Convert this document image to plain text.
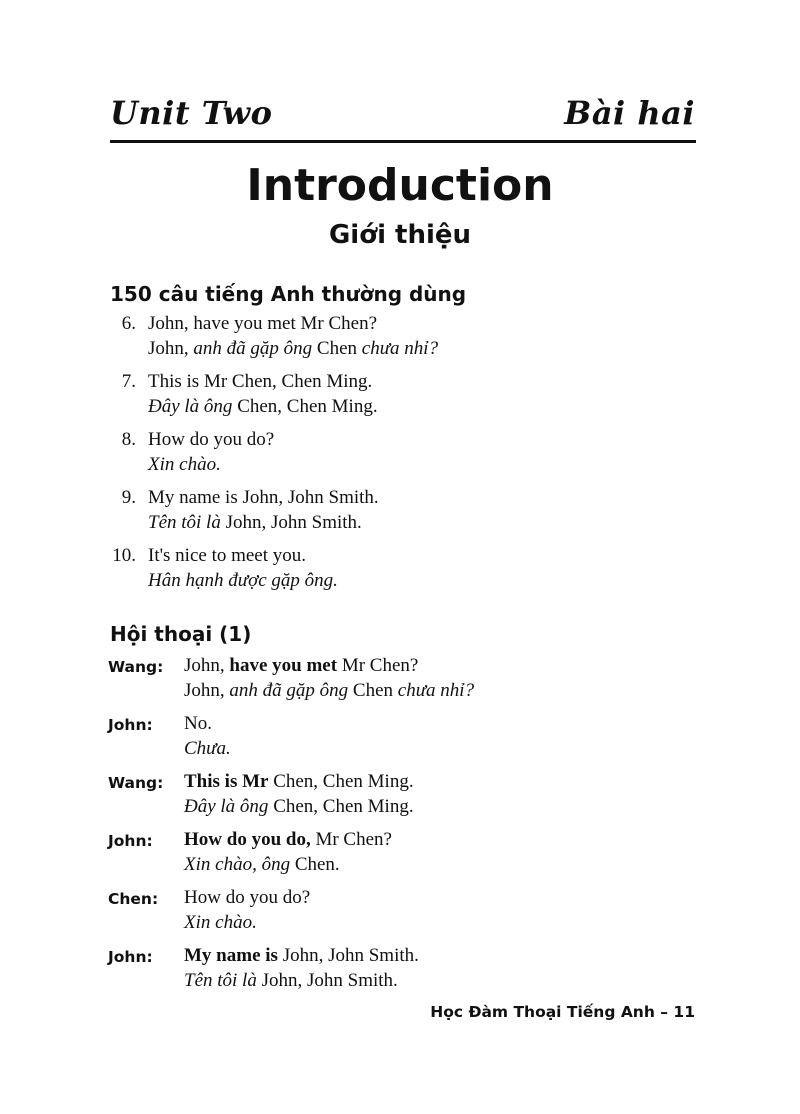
Unit Two	Bài hai
Introduction
Giới thiệu
150 câu tiếng Anh thường dùng
6. John, have you met Mr Chen?
John, anh đã gặp ông Chen chưa nhỉ?
7. This is Mr Chen, Chen Ming.
Đây là ông Chen, Chen Ming.
8. How do you do?
Xin chào.
9. My name is John, John Smith.
Tên tôi là John, John Smith.
10. It's nice to meet you.
Hân hạnh được gặp ông.
Hội thoại (1)
Wang: John, have you met Mr Chen?
John, anh đã gặp ông Chen chưa nhỉ?
John: No.
Chưa.
Wang: This is Mr Chen, Chen Ming.
Đây là ông Chen, Chen Ming.
John: How do you do, Mr Chen?
Xin chào, ông Chen.
Chen: How do you do?
Xin chào.
John: My name is John, John Smith.
Tên tôi là John, John Smith.
Học Đàm Thoại Tiếng Anh – 11
